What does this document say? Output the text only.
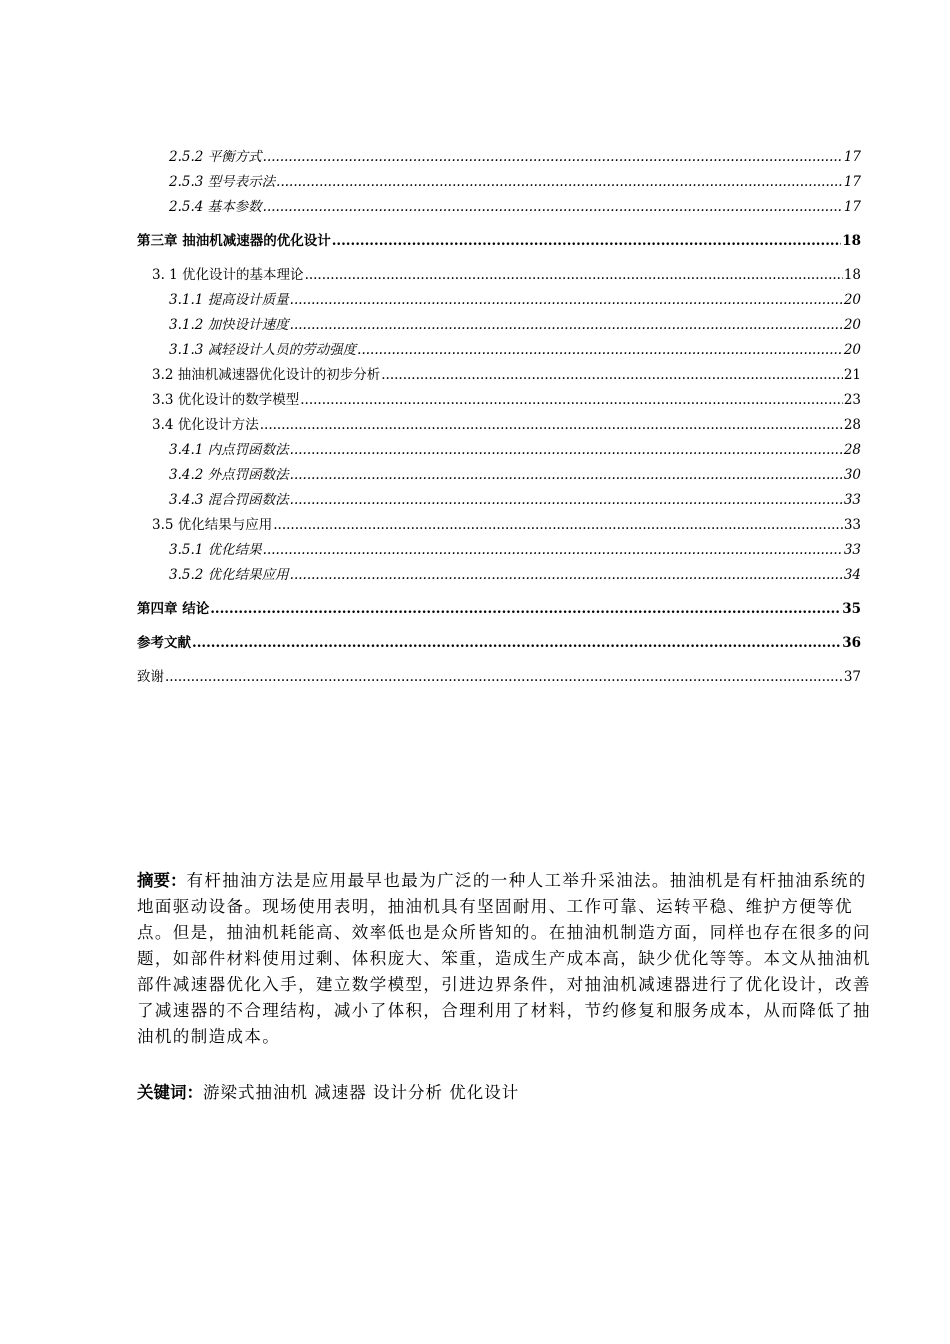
2.5.2 平衡方式 .....	17
2.5.3 型号表示法 .....	17
2.5.4 基本参数 .....	17
第三章 抽油机减速器的优化设计 .....	18
3. 1 优化设计的基本理论 .....	18
3.1.1 提高设计质量 .....	20
3.1.2 加快设计速度 .....	20
3.1.3 减轻设计人员的劳动强度 .....	20
3.2 抽油机减速器优化设计的初步分析 .....	21
3.3 优化设计的数学模型 .....	23
3.4 优化设计方法 .....	28
3.4.1 内点罚函数法 .....	28
3.4.2 外点罚函数法 .....	30
3.4.3 混合罚函数法 .....	33
3.5 优化结果与应用 .....	33
3.5.1 优化结果 .....	33
3.5.2 优化结果应用 .....	34
第四章 结论 .....	35
参考文献 .....	36
致谢 .....	37
摘要：有杆抽油方法是应用最早也最为广泛的一种人工举升采油法。抽油机是有杆抽油系统的地面驱动设备。现场使用表明，抽油机具有坚固耐用、工作可靠、运转平稳、维护方便等优点。但是，抽油机耗能高、效率低也是众所皆知的。在抽油机制造方面，同样也存在很多的问题，如部件材料使用过剩、体积庞大、笨重，造成生产成本高，缺少优化等等。本文从抽油机部件减速器优化入手，建立数学模型，引进边界条件，对抽油机减速器进行了优化设计，改善了减速器的不合理结构，减小了体积，合理利用了材料，节约修复和服务成本，从而降低了抽油机的制造成本。
关键词：游梁式抽油机 减速器 设计分析 优化设计
